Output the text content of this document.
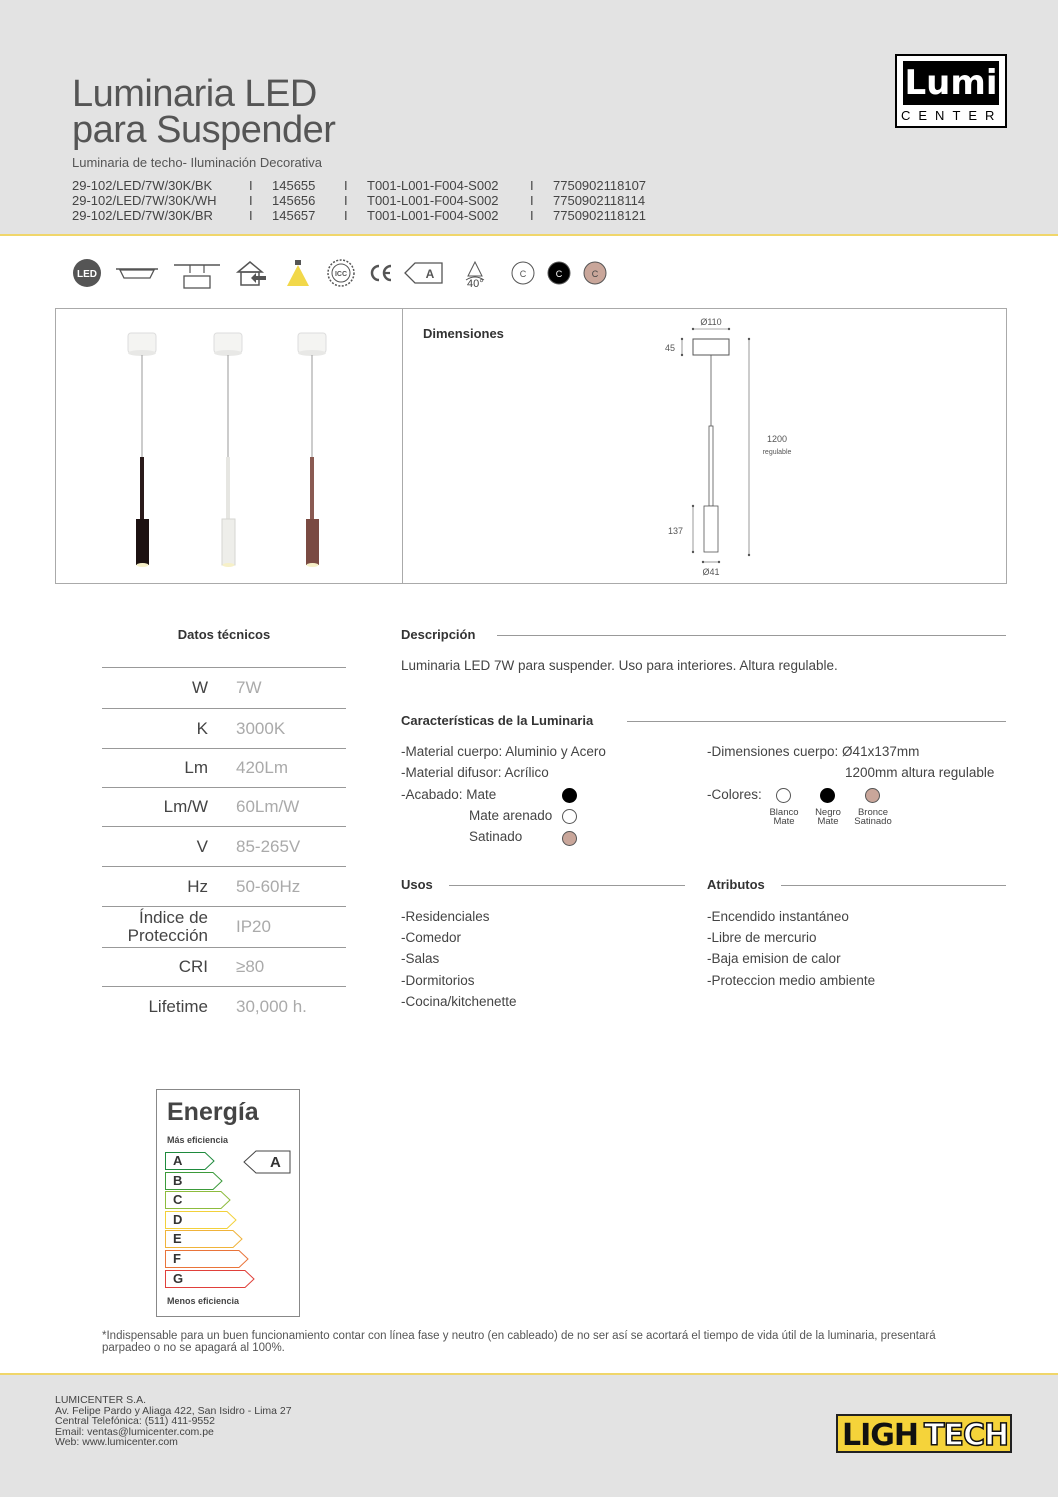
Luminaria LED
para Suspender
Luminaria de techo- Iluminación Decorativa
29-102/LED/7W/30K/BK	I	145655	I	T001-L001-F004-S002	I	7750902118107
29-102/LED/7W/30K/WH	I	145656	I	T001-L001-F004-S002	I	7750902118114
29-102/LED/7W/30K/BR	I	145657	I	T001-L001-F004-S002	I	7750902118121
Lumi
CENTER
LED	ICC	A
40°
C	C	C
Dimensiones
Ø110
45
1200
regulable
137
Ø41
Datos técnicos
W 7W
K 3000K
Lm 420Lm
Lm/W 60Lm/W
V 85-265V
Hz 50-60Hz
Índice de
Protección IP20
CRI ≥80
Lifetime 30,000 h.
Descripción
Luminaria LED 7W para suspender. Uso para interiores. Altura regulable.
Características de la Luminaria
-Material cuerpo: Aluminio y Acero
-Material difusor: Acrílico
-Acabado: Mate
Mate arenado
Satinado
-Dimensiones cuerpo: Ø41x137mm
1200mm altura regulable
-Colores:
Blanco
Mate
Negro
Mate
Bronce
Satinado
Usos
-Residenciales
-Comedor
-Salas
-Dormitorios
-Cocina/kitchenette
Atributos
-Encendido instantáneo
-Libre de mercurio
-Baja emision de calor
-Proteccion medio ambiente
Energía
Más eficiencia
A
B
C
D
E
F
G
A
Menos eficiencia
*Indispensable para un buen funcionamiento contar con línea fase y neutro (en cableado) de no ser así se acortará el tiempo de vida útil de la luminaria, presentará parpadeo o no se apagará al 100%.
LUMICENTER S.A.
Av. Felipe Pardo y Aliaga 422, San Isidro - Lima 27
Central Telefónica: (511) 411-9552
Email: ventas@lumicenter.com.pe
Web: www.lumicenter.com	LIGH TECH
